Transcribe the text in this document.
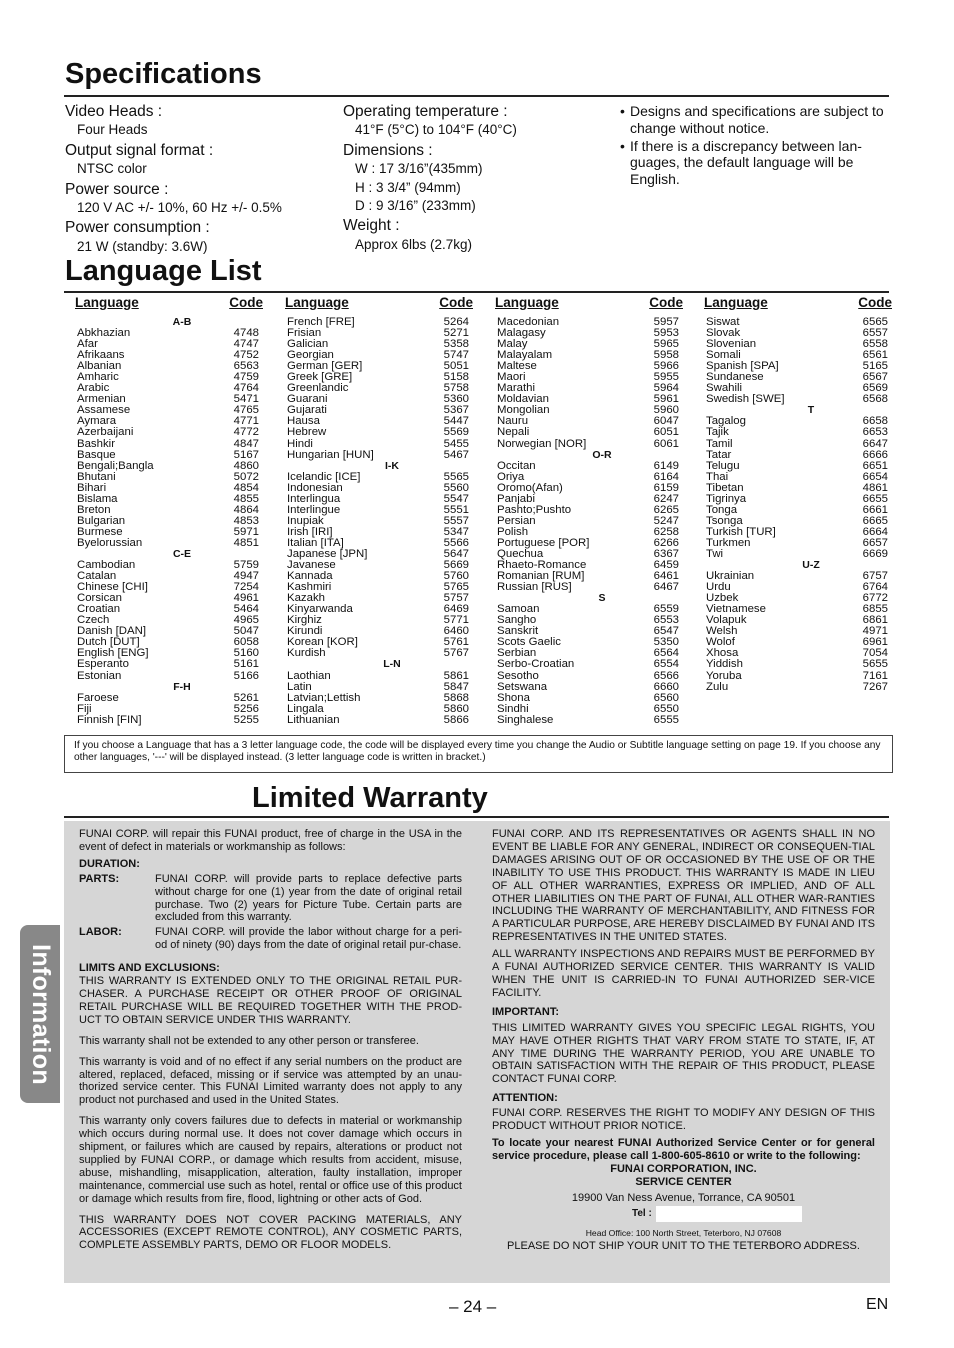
Specifications
Video Heads :
Four Heads
Output signal format :
NTSC color
Power source :
120 V AC +/- 10%, 60 Hz +/- 0.5%
Power consumption :
21 W (standby: 3.6W)
Operating temperature :
41°F (5°C) to 104°F (40°C)
Dimensions :
W : 17 3/16”(435mm)
H : 3 3/4” (94mm)
D : 9 3/16” (233mm)
Weight :
Approx 6lbs (2.7kg)
• Designs and specifications are subject to change without notice.
• If there is a discrepancy between lan-guages, the default language will be English.
Language List
Language	Code
A-B
Abkhazian	4748
Afar	4747
Afrikaans	4752
Albanian	6563
Amharic	4759
Arabic	4764
Armenian	5471
Assamese	4765
Aymara	4771
Azerbaijani	4772
Bashkir	4847
Basque	5167
Bengali;Bangla	4860
Bhutani	5072
Bihari	4854
Bislama	4855
Breton	4864
Bulgarian	4853
Burmese	5971
Byelorussian	4851
C-E
Cambodian	5759
Catalan	4947
Chinese [CHI]	7254
Corsican	4961
Croatian	5464
Czech	4965
Danish [DAN]	5047
Dutch [DUT]	6058
English [ENG]	5160
Esperanto	5161
Estonian	5166
F-H
Faroese	5261
Fiji	5256
Finnish [FIN]	5255
Language	Code
French [FRE]	5264
Frisian	5271
Galician	5358
Georgian	5747
German [GER]	5051
Greek [GRE]	5158
Greenlandic	5758
Guarani	5360
Gujarati	5367
Hausa	5447
Hebrew	5569
Hindi	5455
Hungarian [HUN]	5467
I-K
Icelandic [ICE]	5565
Indonesian	5560
Interlingua	5547
Interlingue	5551
Inupiak	5557
Irish [IRI]	5347
Italian [ITA]	5566
Japanese [JPN]	5647
Javanese	5669
Kannada	5760
Kashmiri	5765
Kazakh	5757
Kinyarwanda	6469
Kirghiz	5771
Kirundi	6460
Korean [KOR]	5761
Kurdish	5767
L-N
Laothian	5861
Latin	5847
Latvian;Lettish	5868
Lingala	5860
Lithuanian	5866
Language	Code
Macedonian	5957
Malagasy	5953
Malay	5965
Malayalam	5958
Maltese	5966
Maori	5955
Marathi	5964
Moldavian	5961
Mongolian	5960
Nauru	6047
Nepali	6051
Norwegian [NOR]	6061
O-R
Occitan	6149
Oriya	6164
Oromo(Afan)	6159
Panjabi	6247
Pashto;Pushto	6265
Persian	5247
Polish	6258
Portuguese [POR]	6266
Quechua	6367
Rhaeto-Romance	6459
Romanian [RUM]	6461
Russian [RUS]	6467
S
Samoan	6559
Sangho	6553
Sanskrit	6547
Scots Gaelic	5350
Serbian	6564
Serbo-Croatian	6554
Sesotho	6566
Setswana	6660
Shona	6560
Sindhi	6550
Singhalese	6555
Language	Code
Siswat	6565
Slovak	6557
Slovenian	6558
Somali	6561
Spanish [SPA]	5165
Sundanese	6567
Swahili	6569
Swedish [SWE]	6568
T
Tagalog	6658
Tajik	6653
Tamil	6647
Tatar	6666
Telugu	6651
Thai	6654
Tibetan	4861
Tigrinya	6655
Tonga	6661
Tsonga	6665
Turkish [TUR]	6664
Turkmen	6657
Twi	6669
U-Z
Ukrainian	6757
Urdu	6764
Uzbek	6772
Vietnamese	6855
Volapuk	6861
Welsh	4971
Wolof	6961
Xhosa	7054
Yiddish	5655
Yoruba	7161
Zulu	7267
If you choose a Language that has a 3 letter language code, the code will be displayed every time you change the Audio or Subtitle language setting on page 19. If you choose any other languages, '---' will be displayed instead. (3 letter language code is written in bracket.)
Limited Warranty

FUNAI CORP. will repair this FUNAI product, free of charge in the USA in the event of defect in materials or workmanship as follows:

DURATION:
PARTS:	FUNAI CORP. will provide parts to replace defective parts without charge for one (1) year from the date of original retail purchase. Two (2) years for Picture Tube. Certain parts are excluded from this warranty.
LABOR:	FUNAI CORP. will provide the labor without charge for a peri-od of ninety (90) days from the date of original retail pur-chase.
LIMITS AND EXCLUSIONS:

THIS WARRANTY IS EXTENDED ONLY TO THE ORIGINAL RETAIL PUR-CHASER. A PURCHASE RECEIPT OR OTHER PROOF OF ORIGINAL RETAIL PURCHASE WILL BE REQUIRED TOGETHER WITH THE PROD-UCT TO OBTAIN SERVICE UNDER THIS WARRANTY.

This warranty shall not be extended to any other person or transferee.

This warranty is void and of no effect if any serial numbers on the product are altered, replaced, defaced, missing or if service was attempted by an unau-thorized service center. This FUNAI Limited warranty does not apply to any product not purchased and used in the United States.

This warranty only covers failures due to defects in material or workmanship which occurs during normal use. It does not cover damage which occurs in shipment, or failures which are caused by repairs, alterations or product not supplied by FUNAI CORP., or damage which results from accident, misuse, abuse, mishandling, misapplication, alteration, faulty installation, improper maintenance, commercial use such as hotel, rental or office use of this product or damage which results from fire, flood, lightning or other acts of God.

THIS WARRANTY DOES NOT COVER PACKING MATERIALS, ANY ACCESSORIES (EXCEPT REMOTE CONTROL), ANY COSMETIC PARTS, COMPLETE ASSEMBLY PARTS, DEMO OR FLOOR MODELS.

FUNAI CORP. AND ITS REPRESENTATIVES OR AGENTS SHALL IN NO EVENT BE LIABLE FOR ANY GENERAL, INDIRECT OR CONSEQUEN-TIAL DAMAGES ARISING OUT OF OR OCCASIONED BY THE USE OF OR THE INABILITY TO USE THIS PRODUCT. THIS WARRANTY IS MADE IN LIEU OF ALL OTHER WARRANTIES, EXPRESS OR IMPLIED, AND OF ALL OTHER LIABILITIES ON THE PART OF FUNAI, ALL OTHER WAR-RANTIES INCLUDING THE WARRANTY OF MERCHANTABILITY, AND FITNESS FOR A PARTICULAR PURPOSE, ARE HEREBY DISCLAIMED BY FUNAI AND ITS REPRESENTATIVES IN THE UNITED STATES.

ALL WARRANTY INSPECTIONS AND REPAIRS MUST BE PERFORMED BY A FUNAI AUTHORIZED SERVICE CENTER. THIS WARRANTY IS VALID WHEN THE UNIT IS CARRIED-IN TO FUNAI AUTHORIZED SER-VICE FACILITY.

IMPORTANT:

THIS LIMITED WARRANTY GIVES YOU SPECIFIC LEGAL RIGHTS, YOU MAY HAVE OTHER RIGHTS THAT VARY FROM STATE TO STATE, IF, AT ANY TIME DURING THE WARRANTY PERIOD, YOU ARE UNABLE TO OBTAIN SATISFACTION WITH THE REPAIR OF THIS PRODUCT, PLEASE CONTACT FUNAI CORP.

ATTENTION:

FUNAI CORP. RESERVES THE RIGHT TO MODIFY ANY DESIGN OF THIS PRODUCT WITHOUT PRIOR NOTICE.

To locate your nearest FUNAI Authorized Service Center or for general service procedure, please call 1-800-605-8610 or write to the following:

FUNAI CORPORATION, INC.
SERVICE CENTER
19900 Van Ness Avenue, Torrance, CA 90501
Tel :
Head Office: 100 North Street, Teterboro, NJ 07608
PLEASE DO NOT SHIP YOUR UNIT TO THE TETERBORO ADDRESS.
Information
– 24 –	EN
